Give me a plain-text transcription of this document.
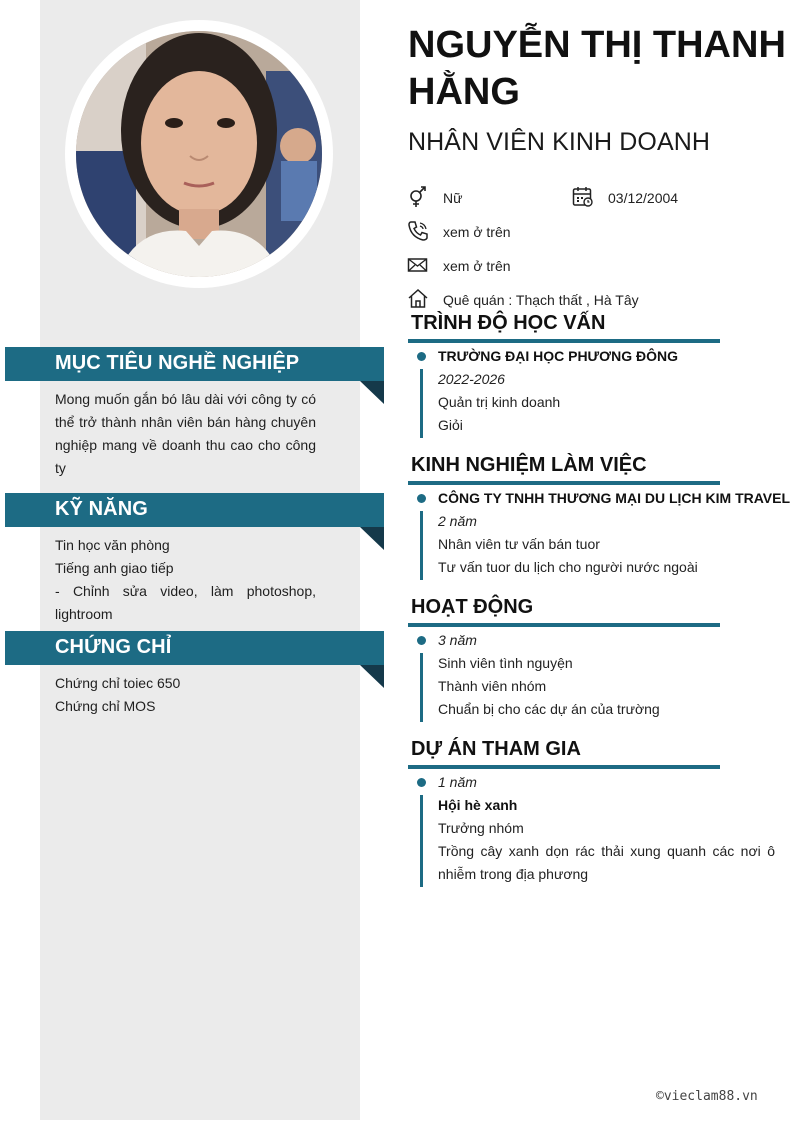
NGUYỄN THỊ THANH HẰNG
NHÂN VIÊN KINH DOANH
Nữ	03/12/2004
xem ở trên
xem ở trên
Quê quán : Thạch thất , Hà Tây
MỤC TIÊU NGHỀ NGHIỆP
Mong muốn gắn bó lâu dài với công ty có thể trở thành nhân viên bán hàng chuyên nghiệp mang về doanh thu cao cho công ty
KỸ NĂNG
Tin học văn phòng
Tiếng anh giao tiếp
- Chỉnh sửa video, làm photoshop, lightroom
CHỨNG CHỈ
Chứng chỉ toiec 650
Chứng chỉ MOS
TRÌNH ĐỘ HỌC VẤN
TRƯỜNG ĐẠI HỌC PHƯƠNG ĐÔNG
2022-2026
Quản trị kinh doanh
Giỏi
KINH NGHIỆM LÀM VIỆC
CÔNG TY TNHH THƯƠNG MẠI DU LỊCH KIM TRAVEL
2 năm
Nhân viên tư vấn bán tuor
Tư vấn tuor du lịch cho người nước ngoài
HOẠT ĐỘNG
3 năm
Sinh viên tình nguyện
Thành viên nhóm
Chuẩn bị cho các dự án của trường
DỰ ÁN THAM GIA
1 năm
Hội hè xanh
Trưởng nhóm
Trồng cây xanh dọn rác thải xung quanh các nơi ô nhiễm trong địa phương
©vieclam88.vn
